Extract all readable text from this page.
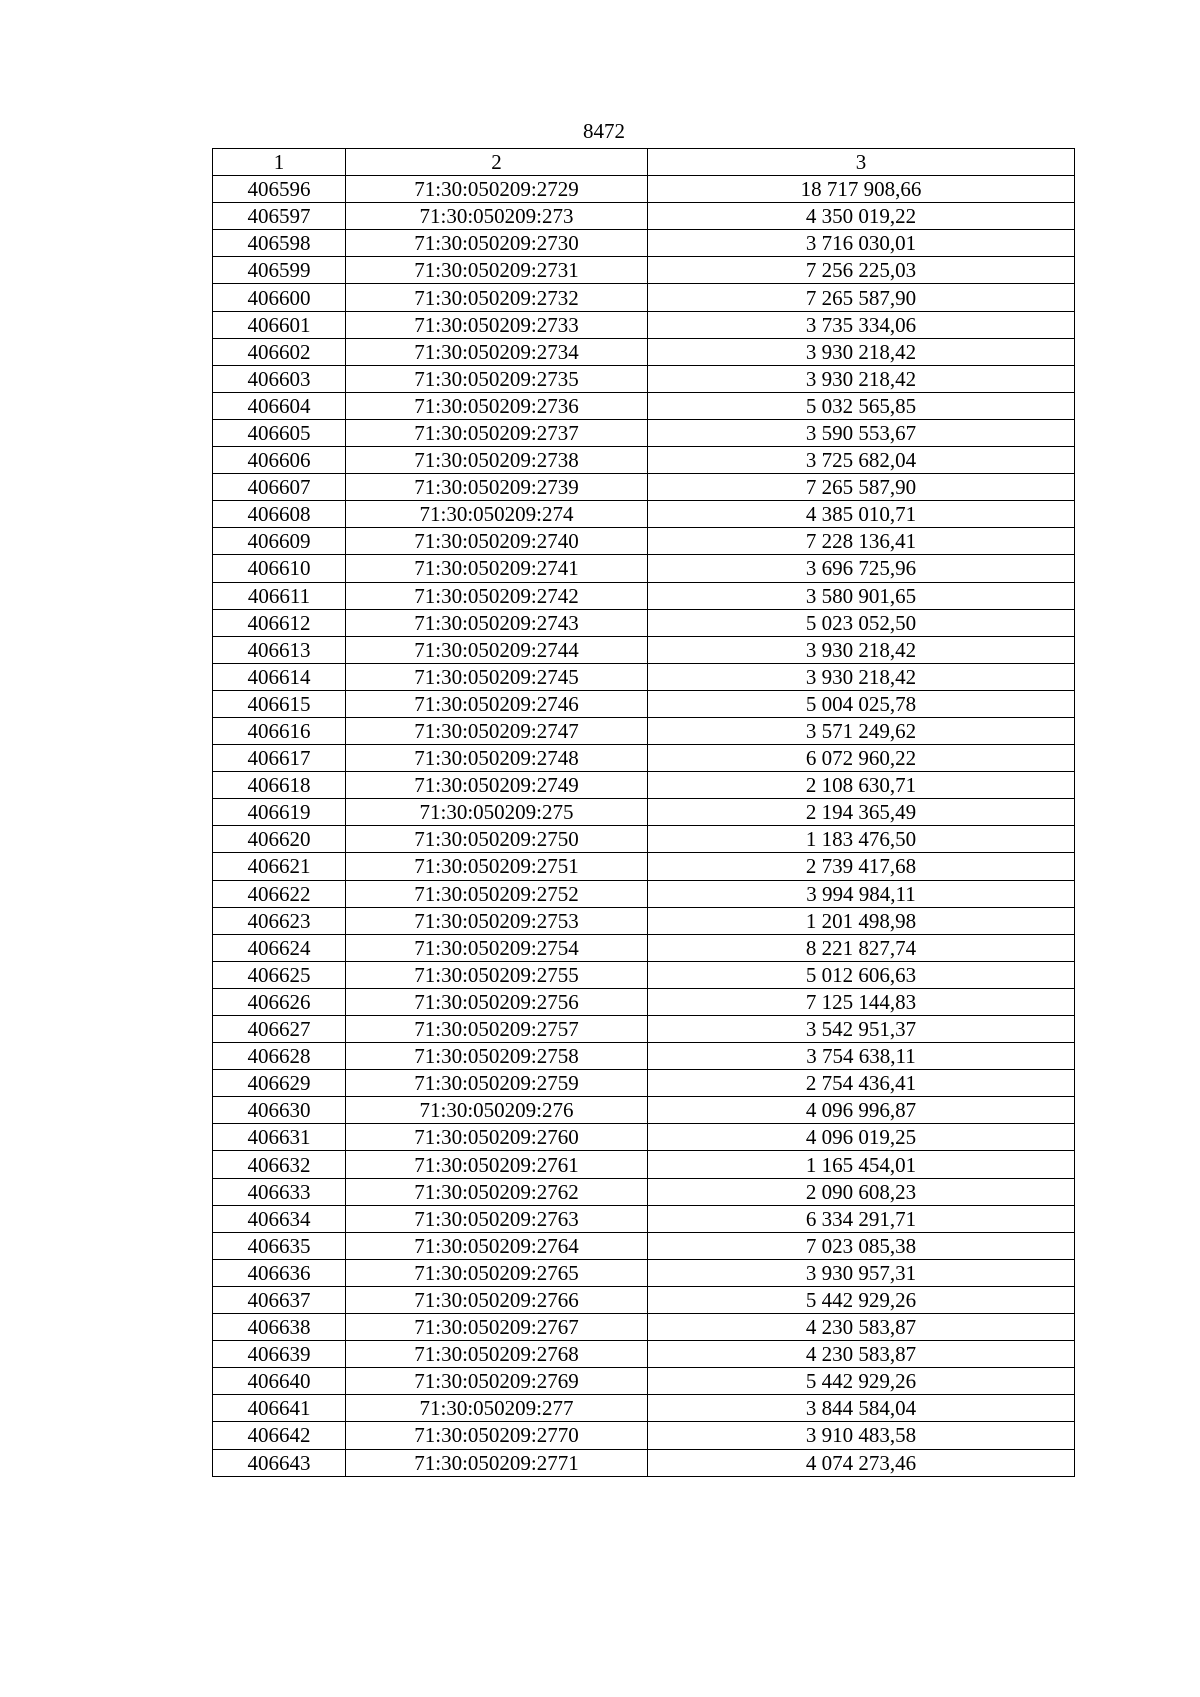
8472
1	2	3
406596	71:30:050209:2729	18 717 908,66
406597	71:30:050209:273	4 350 019,22
406598	71:30:050209:2730	3 716 030,01
406599	71:30:050209:2731	7 256 225,03
406600	71:30:050209:2732	7 265 587,90
406601	71:30:050209:2733	3 735 334,06
406602	71:30:050209:2734	3 930 218,42
406603	71:30:050209:2735	3 930 218,42
406604	71:30:050209:2736	5 032 565,85
406605	71:30:050209:2737	3 590 553,67
406606	71:30:050209:2738	3 725 682,04
406607	71:30:050209:2739	7 265 587,90
406608	71:30:050209:274	4 385 010,71
406609	71:30:050209:2740	7 228 136,41
406610	71:30:050209:2741	3 696 725,96
406611	71:30:050209:2742	3 580 901,65
406612	71:30:050209:2743	5 023 052,50
406613	71:30:050209:2744	3 930 218,42
406614	71:30:050209:2745	3 930 218,42
406615	71:30:050209:2746	5 004 025,78
406616	71:30:050209:2747	3 571 249,62
406617	71:30:050209:2748	6 072 960,22
406618	71:30:050209:2749	2 108 630,71
406619	71:30:050209:275	2 194 365,49
406620	71:30:050209:2750	1 183 476,50
406621	71:30:050209:2751	2 739 417,68
406622	71:30:050209:2752	3 994 984,11
406623	71:30:050209:2753	1 201 498,98
406624	71:30:050209:2754	8 221 827,74
406625	71:30:050209:2755	5 012 606,63
406626	71:30:050209:2756	7 125 144,83
406627	71:30:050209:2757	3 542 951,37
406628	71:30:050209:2758	3 754 638,11
406629	71:30:050209:2759	2 754 436,41
406630	71:30:050209:276	4 096 996,87
406631	71:30:050209:2760	4 096 019,25
406632	71:30:050209:2761	1 165 454,01
406633	71:30:050209:2762	2 090 608,23
406634	71:30:050209:2763	6 334 291,71
406635	71:30:050209:2764	7 023 085,38
406636	71:30:050209:2765	3 930 957,31
406637	71:30:050209:2766	5 442 929,26
406638	71:30:050209:2767	4 230 583,87
406639	71:30:050209:2768	4 230 583,87
406640	71:30:050209:2769	5 442 929,26
406641	71:30:050209:277	3 844 584,04
406642	71:30:050209:2770	3 910 483,58
406643	71:30:050209:2771	4 074 273,46
